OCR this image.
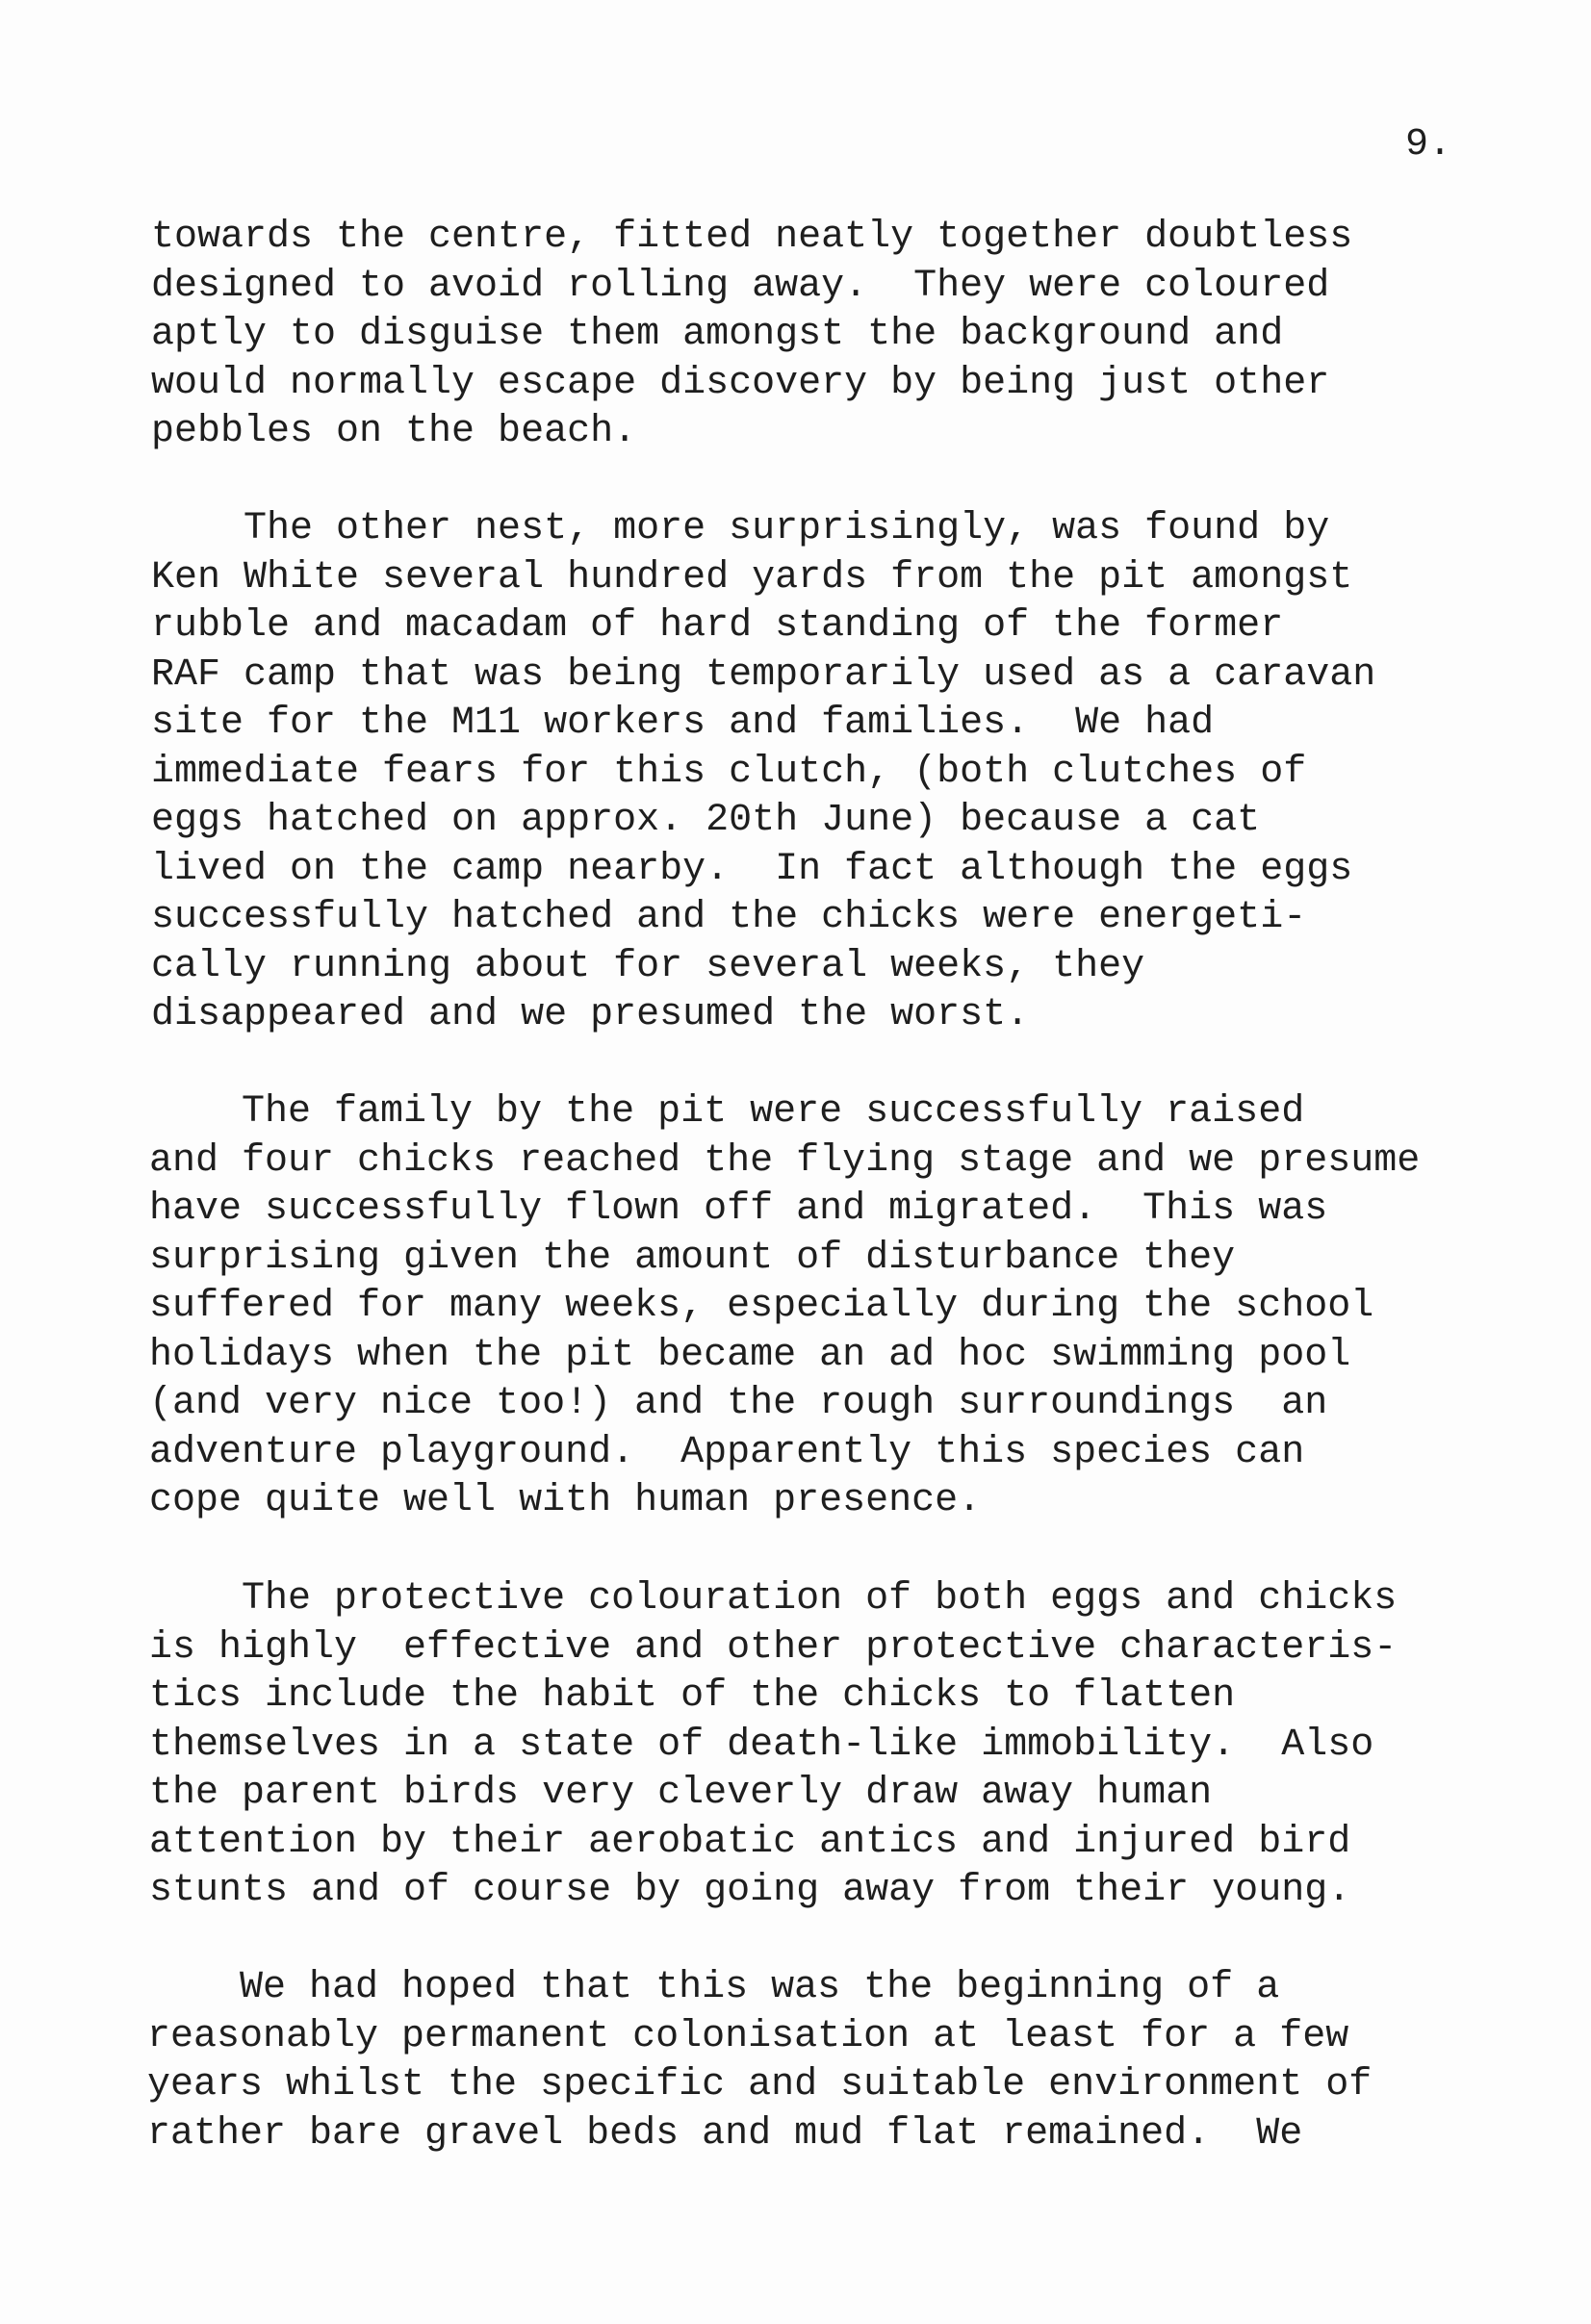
9.
towards the centre, fitted neatly together doubtless
designed to avoid rolling away.  They were coloured
aptly to disguise them amongst the background and
would normally escape discovery by being just other
pebbles on the beach.
The other nest, more surprisingly, was found by
Ken White several hundred yards from the pit amongst
rubble and macadam of hard standing of the former
RAF camp that was being temporarily used as a caravan
site for the M11 workers and families.  We had
immediate fears for this clutch, (both clutches of
eggs hatched on approx. 20th June) because a cat
lived on the camp nearby.  In fact although the eggs
successfully hatched and the chicks were energeti-
cally running about for several weeks, they
disappeared and we presumed the worst.
The family by the pit were successfully raised
and four chicks reached the flying stage and we presume
have successfully flown off and migrated.  This was
surprising given the amount of disturbance they
suffered for many weeks, especially during the school
holidays when the pit became an ad hoc swimming pool
(and very nice too!) and the rough surroundings  an
adventure playground.  Apparently this species can
cope quite well with human presence.
The protective colouration of both eggs and chicks
is highly  effective and other protective characteris-
tics include the habit of the chicks to flatten
themselves in a state of death-like immobility.  Also
the parent birds very cleverly draw away human
attention by their aerobatic antics and injured bird
stunts and of course by going away from their young.
We had hoped that this was the beginning of a
reasonably permanent colonisation at least for a few
years whilst the specific and suitable environment of
rather bare gravel beds and mud flat remained.  We
